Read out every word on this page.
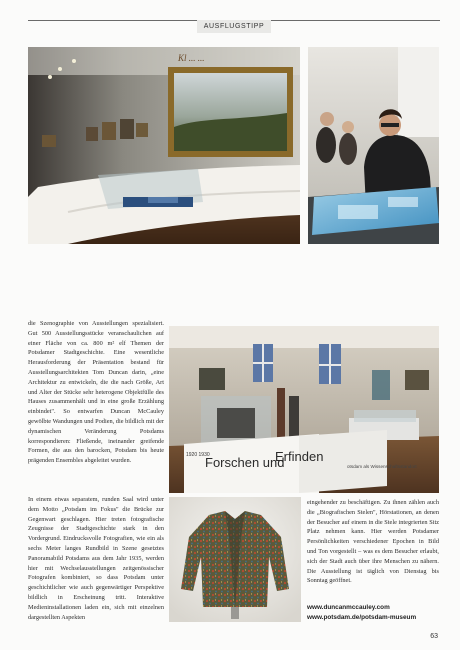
AUSFLUGSTIPP
Kl ... ...
1920 1930
Forschen und
Erfinden
otsdam als Wissenschaftsstandort
die Szenographie von Ausstellungen spezialisiert. Gut 500 Ausstellungsstücke veranschaulichen auf einer Fläche von ca. 800 m² elf Themen der Potsdamer Stadtgeschichte. Eine wesentliche Herausforderung der Präsentation bestand für Ausstellungsarchitekten Tom Duncan darin, „eine Architektur zu entwickeln, die die nach Größe, Art und Alter der Stücke sehr heterogene Objektfülle des Hauses zusammenhält und in eine große Erzählung einbindet". So entwarfen Duncan McCauley gewölbte Wandungen und Podien, die bildlich mit der dynamischen Veränderung Potsdams korrespondieren: Fließende, ineinander greifende Formen, die aus den barocken, Potsdam bis heute prägenden Ensembles abgeleitet wurden.
In einem etwas separatem, runden Saal wird unter dem Motto „Potsdam im Fokus" die Brücke zur Gegenwart geschlagen. Hier treten fotografische Zeugnisse der Stadtgeschichte stark in den Vordergrund. Eindrucksvolle Fotografien, wie ein als sechs Meter langes Rundbild in Szene gesetztes Panoramabild Potsdams aus dem Jahr 1935, werden hier mit Wechselausstellungen zeitgenössischer Fotografen kombiniert, so dass Potsdam unter geschichtlicher wie auch gegenwärtiger Perspektive bildlich in Erscheinung tritt. Interaktive Medieninstallationen laden ein, sich mit einzelnen dargestellten Aspekten
eingehender zu beschäftigen. Zu ihnen zählen auch die „Biografischen Stelen", Hörstationen, an denen der Besucher auf einem in die Stele integrierten Sitz Platz nehmen kann. Hier werden Potsdamer Persönlichkeiten verschiedener Epochen in Bild und Ton vorgestellt – was es dem Besucher erlaubt, sich der Stadt auch über ihre Menschen zu nähern. Die Ausstellung ist täglich von Dienstag bis Sonntag geöffnet.
www.duncanmccauley.com
www.potsdam.de/potsdam-museum
63
